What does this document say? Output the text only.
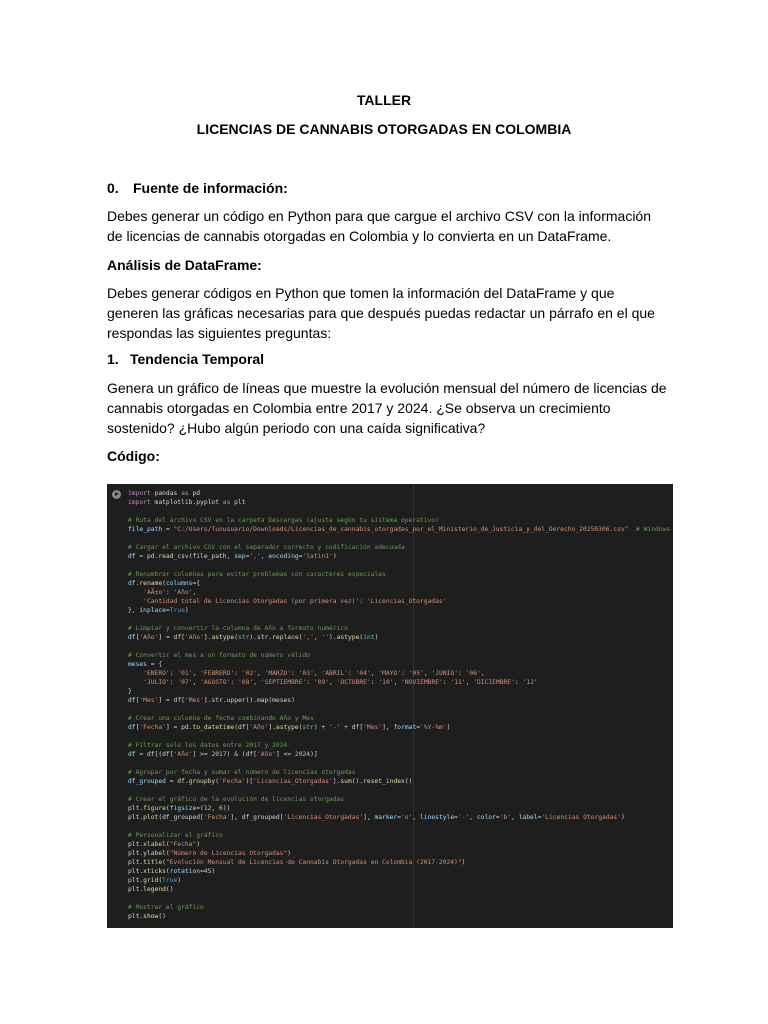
TALLER
LICENCIAS DE CANNABIS OTORGADAS EN COLOMBIA
0. Fuente de información:
Debes generar un código en Python para que cargue el archivo CSV con la información
de licencias de cannabis otorgadas en Colombia y lo convierta en un DataFrame.
Análisis de DataFrame:
Debes generar códigos en Python que tomen la información del DataFrame y que
generen las gráficas necesarias para que después puedas redactar un párrafo en el que
respondas las siguientes preguntas:
1. Tendencia Temporal
Genera un gráfico de líneas que muestre la evolución mensual del número de licencias de
cannabis otorgadas en Colombia entre 2017 y 2024. ¿Se observa un crecimiento
sostenido? ¿Hubo algún periodo con una caída significativa?
Código:
import pandas as pd
import matplotlib.pyplot as plt

# Ruta del archivo CSV en la carpeta Descargas (ajusta según tu sistema operativo)
file_path = "C:/Users/Tunusuario/Downloads/Licencias_de_cannabis_otorgadas_por_el_Ministerio_de_Justicia_y_del_Derecho_20250306.csv" # Windows

# Cargar el archivo CSV con el separador correcto y codificación adecuada
df = pd.read_csv(file_path, sep=',', encoding='latin1')

# Renombrar columnas para evitar problemas con caracteres especiales
df.rename(columns={
'AÃ±o': 'Año',
'Cantidad total de Licencias Otorgadas (por primera vez)': 'Licencias_Otorgadas'
}, inplace=True)

# Limpiar y convertir la columna de Año a formato numérico
df['Año'] = df['Año'].astype(str).str.replace(',', '').astype(int)

# Convertir el mes a un formato de número válido
meses = {
'ENERO': '01', 'FEBRERO': '02', 'MARZO': '03', 'ABRIL': '04', 'MAYO': '05', 'JUNIO': '06',
'JULIO': '07', 'AGOSTO': '08', 'SEPTIEMBRE': '09', 'OCTUBRE': '10', 'NOVIEMBRE': '11', 'DICIEMBRE': '12'
}
df['Mes'] = df['Mes'].str.upper().map(meses)

# Crear una columna de fecha combinando Año y Mes
df['Fecha'] = pd.to_datetime(df['Año'].astype(str) + '-' + df['Mes'], format='%Y-%m')

# Filtrar solo los datos entre 2017 y 2024
df = df[(df['Año'] >= 2017) & (df['Año'] <= 2024)]

# Agrupar por fecha y sumar el número de licencias otorgadas
df_grouped = df.groupby('Fecha')['Licencias_Otorgadas'].sum().reset_index()

# Crear el gráfico de la evolución de licencias otorgadas
plt.figure(figsize=(12, 6))
plt.plot(df_grouped['Fecha'], df_grouped['Licencias_Otorgadas'], marker='o', linestyle='-', color='b', label='Licencias Otorgadas')

# Personalizar el gráfico
plt.xlabel("Fecha")
plt.ylabel("Número de Licencias Otorgadas")
plt.title("Evolución Mensual de Licencias de Cannabis Otorgadas en Colombia (2017-2024)")
plt.xticks(rotation=45)
plt.grid(True)
plt.legend()

# Mostrar el gráfico
plt.show()
